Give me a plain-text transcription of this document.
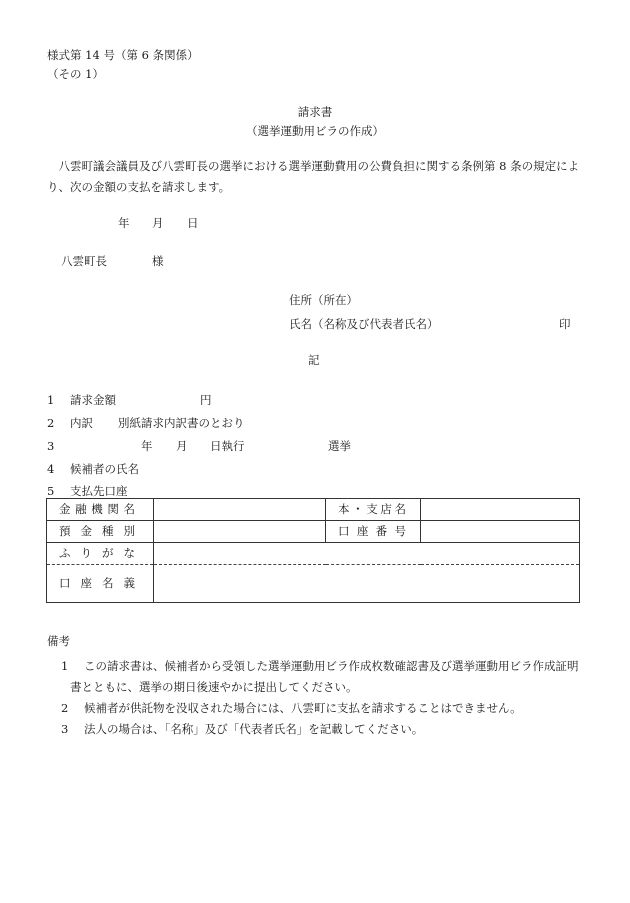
様式第 14 号（第 6 条関係）
（その 1）
請求書
（選挙運動用ビラの作成）
　八雲町議会議員及び八雲町長の選挙における選挙運動費用の公費負担に関する条例第 8 条の規定により、次の金額の支払を請求します。
年 月 日
八雲町長	様
住所（所在）
氏名（名称及び代表者氏名）	印
記
1 請求金額	円
2 内訳 別紙請求内訳書のとおり
3	年 月 日執行	選挙
4 候補者の氏名
5 支払先口座
金融機関名		本・支店名	
預金種別		口座番号	
ふりがな			
口座名義			
備考
1 この請求書は、候補者から受領した選挙運動用ビラ作成枚数確認書及び選挙運動用ビラ作成証明
書とともに、選挙の期日後速やかに提出してください。
2 候補者が供託物を没収された場合には、八雲町に支払を請求することはできません。
3 法人の場合は、「名称」及び「代表者氏名」を記載してください。
